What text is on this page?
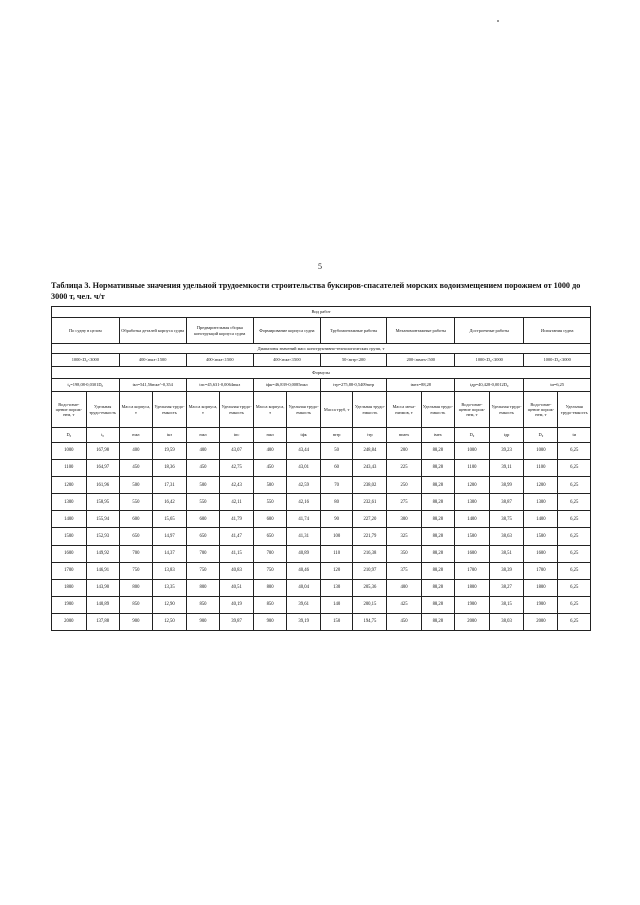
5
Таблица 3. Нормативные значения удельной трудоемкости строительства буксиров-спасателей морских водоизмещением порожнем от 1000 до 3000 т, чел. ч/т
Вид работ															
По судну в целом		Обработка деталей корпуса судна		Предварительная сборка конструкций корпуса судна		Формирование корпуса судна		Трубомонтажные работы		Механомонтажные работы		Достроечные работы		Испытания судна	
Диапазоны значений масс конструктивно-технологических групп, т															
1000<D₀<3000		400<mкз<1500		400<mкз<1500		400<mкз<1500		50<mтр<200		200<mмех<500		1000<D₀<3000		1000<D₀<3000	
Формулы															
t₀=198,08-0,0301D₀		tкз=541,56mкз^-0,354		tпс=45,631-0,0064mкз		tфк=46,839-0,0085mкз		tтр=275,88-0,5409mтр		tмех=88,28		tдр=40,428-0,0012D₀		tи=6,25	
Водо-изме-щение порож-нем, т	Удельная трудо-емкость	Масса корпуса, т	Удельная трудо-емкость	Масса корпуса, т	Удельная трудо-емкость	Масса корпуса, т	Удельная трудо-емкость	Масса труб, т	Удельная трудо-емкость	Масса меха-низмов, т	Удельная трудо-емкость	Водо-изме-щение порож-нем, т	Удельная трудо-емкость	Водо-изме-щение порож-нем, т	Удельная трудо-емкость
D₀	t₀	mкз	tкз	mкз	tпс	mкз	tфк	mтр	tтр	mмех	tмех	D₀	tдр	D₀	tи
1000	167,98	400	19,59	400	43,07	400	43,44	50	248,84	200	88,28	1000	39,23	1000	6,25
1100	164,97	450	18,36	450	42,75	450	43,01	60	243,43	225	88,28	1100	39,11	1100	6,25
1200	161,96	500	17,31	500	42,43	500	42,59	70	238,02	250	88,28	1200	38,99	1200	6,25
1300	158,95	550	16,42	550	42,11	550	42,16	80	232,61	275	88,28	1300	38,87	1300	6,25
1400	155,94	600	15,65	600	41,79	600	41,74	90	227,20	300	88,28	1400	38,75	1400	6,25
1500	152,93	650	14,97	650	41,47	650	41,31	100	221,79	325	88,28	1500	38,63	1500	6,25
1600	149,92	700	14,37	700	41,15	700	40,89	110	216,38	350	88,28	1600	38,51	1600	6,25
1700	146,91	750	13,83	750	40,83	750	40,46	120	210,97	375	88,28	1700	38,39	1700	6,25
1800	143,90	800	13,35	800	40,51	800	40,04	130	205,36	400	88,28	1800	38,27	1800	6,25
1900	140,89	850	12,90	850	40,19	850	39,61	140	200,15	425	88,28	1900	38,15	1900	6,25
2000	137,88	900	12,50	900	39,87	900	39,19	150	194,75	450	88,28	2000	38,03	2000	6,25
